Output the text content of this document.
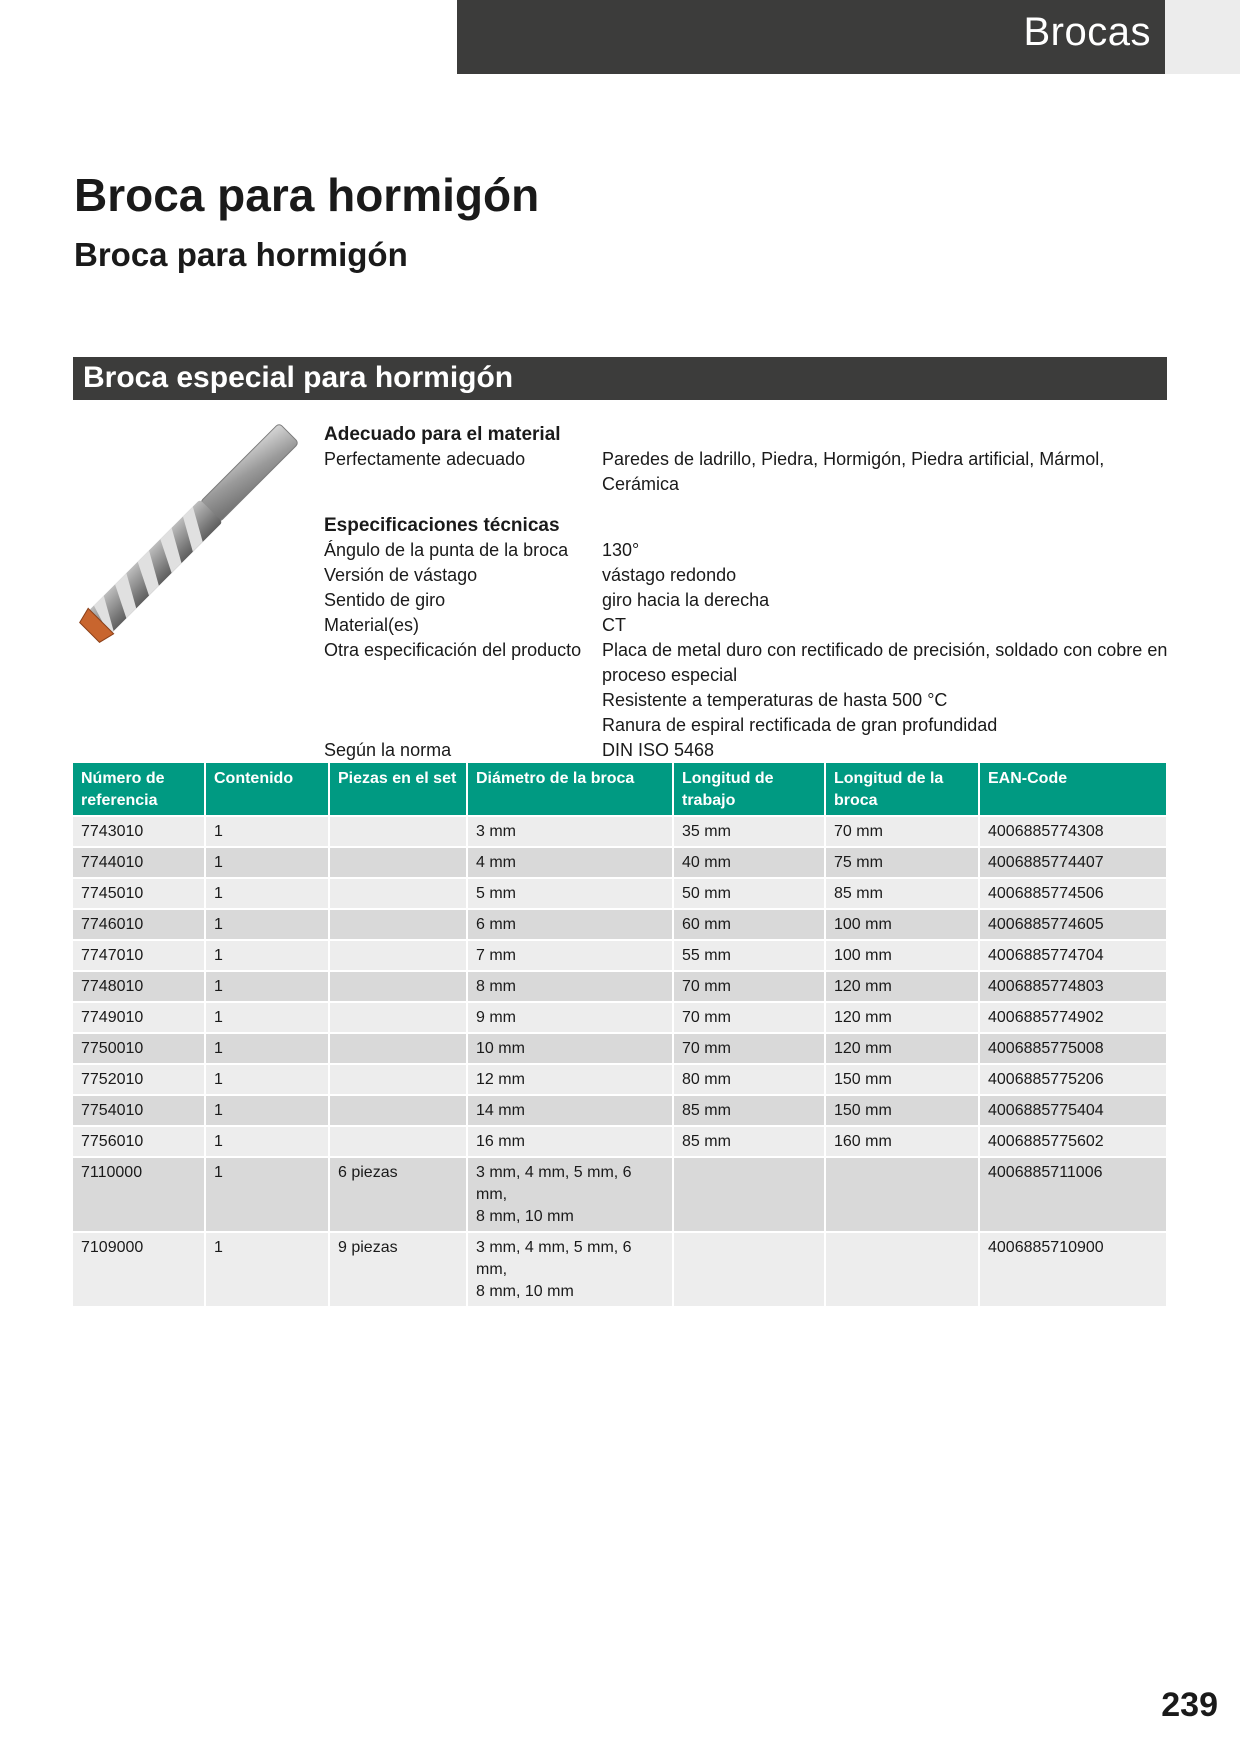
Brocas
Broca para hormigón
Broca para hormigón
Broca especial para hormigón
Adecuado para el material
Perfectamente adecuado	Paredes de ladrillo, Piedra, Hormigón, Piedra artificial, Mármol, Cerámica
Especificaciones técnicas
Ángulo de la punta de la broca	130°
Versión de vástago	vástago redondo
Sentido de giro	giro hacia la derecha
Material(es)	CT
Otra especificación del producto	Placa de metal duro con rectificado de precisión, soldado con cobre en
proceso especial
Resistente a temperaturas de hasta 500 °C
Ranura de espiral rectificada de gran profundidad
Según la norma	DIN ISO 5468
Número de
referencia	Contenido	Piezas en el set	Diámetro de la broca	Longitud de
trabajo	Longitud de la
broca	EAN-Code

7743010	1		3 mm	35 mm	70 mm	4006885774308
7744010	1		4 mm	40 mm	75 mm	4006885774407
7745010	1		5 mm	50 mm	85 mm	4006885774506
7746010	1		6 mm	60 mm	100 mm	4006885774605
7747010	1		7 mm	55 mm	100 mm	4006885774704
7748010	1		8 mm	70 mm	120 mm	4006885774803
7749010	1		9 mm	70 mm	120 mm	4006885774902
7750010	1		10 mm	70 mm	120 mm	4006885775008
7752010	1		12 mm	80 mm	150 mm	4006885775206
7754010	1		14 mm	85 mm	150 mm	4006885775404
7756010	1		16 mm	85 mm	160 mm	4006885775602
7110000	1	6 piezas	3 mm, 4 mm, 5 mm, 6 mm,
8 mm, 10 mm			4006885711006
7109000	1	9 piezas	3 mm, 4 mm, 5 mm, 6 mm,
8 mm, 10 mm			4006885710900
239
